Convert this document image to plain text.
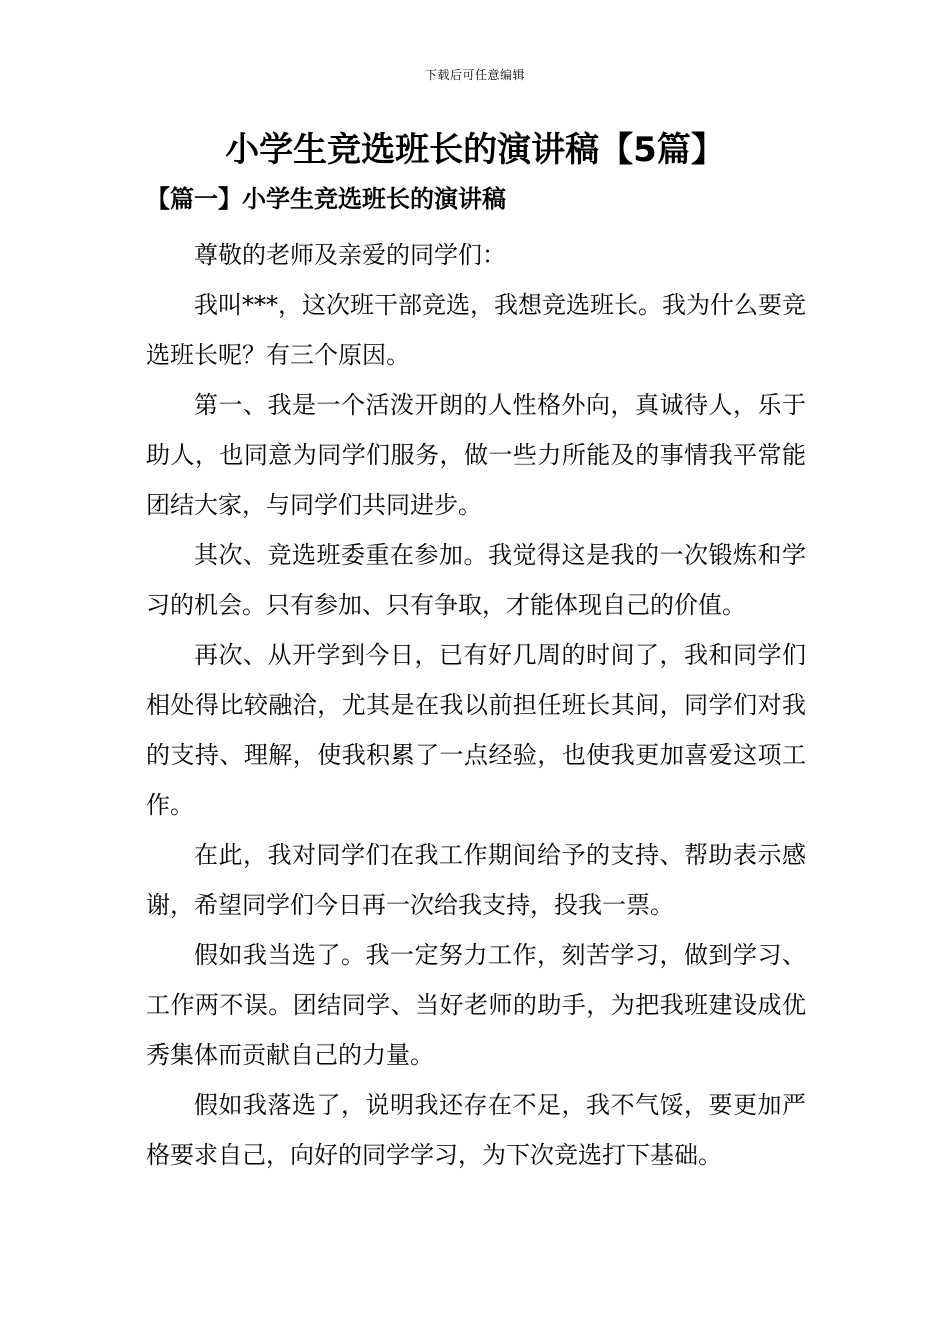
下载后可任意编辑
小学生竞选班长的演讲稿【5篇】
【篇一】小学生竞选班长的演讲稿

尊敬的老师及亲爱的同学们：

我叫***，这次班干部竞选，我想竞选班长。我为什么要竞选班长呢？有三个原因。

第一、我是一个活泼开朗的人性格外向，真诚待人，乐于助人，也同意为同学们服务，做一些力所能及的事情我平常能团结大家，与同学们共同进步。

其次、竞选班委重在参加。我觉得这是我的一次锻炼和学习的机会。只有参加、只有争取，才能体现自己的价值。

再次、从开学到今日，已有好几周的时间了，我和同学们相处得比较融洽，尤其是在我以前担任班长其间，同学们对我的支持、理解，使我积累了一点经验，也使我更加喜爱这项工作。

在此，我对同学们在我工作期间给予的支持、帮助表示感谢，希望同学们今日再一次给我支持，投我一票。

假如我当选了。我一定努力工作，刻苦学习，做到学习、工作两不误。团结同学、当好老师的助手，为把我班建设成优秀集体而贡献自己的力量。

假如我落选了，说明我还存在不足，我不气馁，要更加严格要求自己，向好的同学学习，为下次竞选打下基础。
